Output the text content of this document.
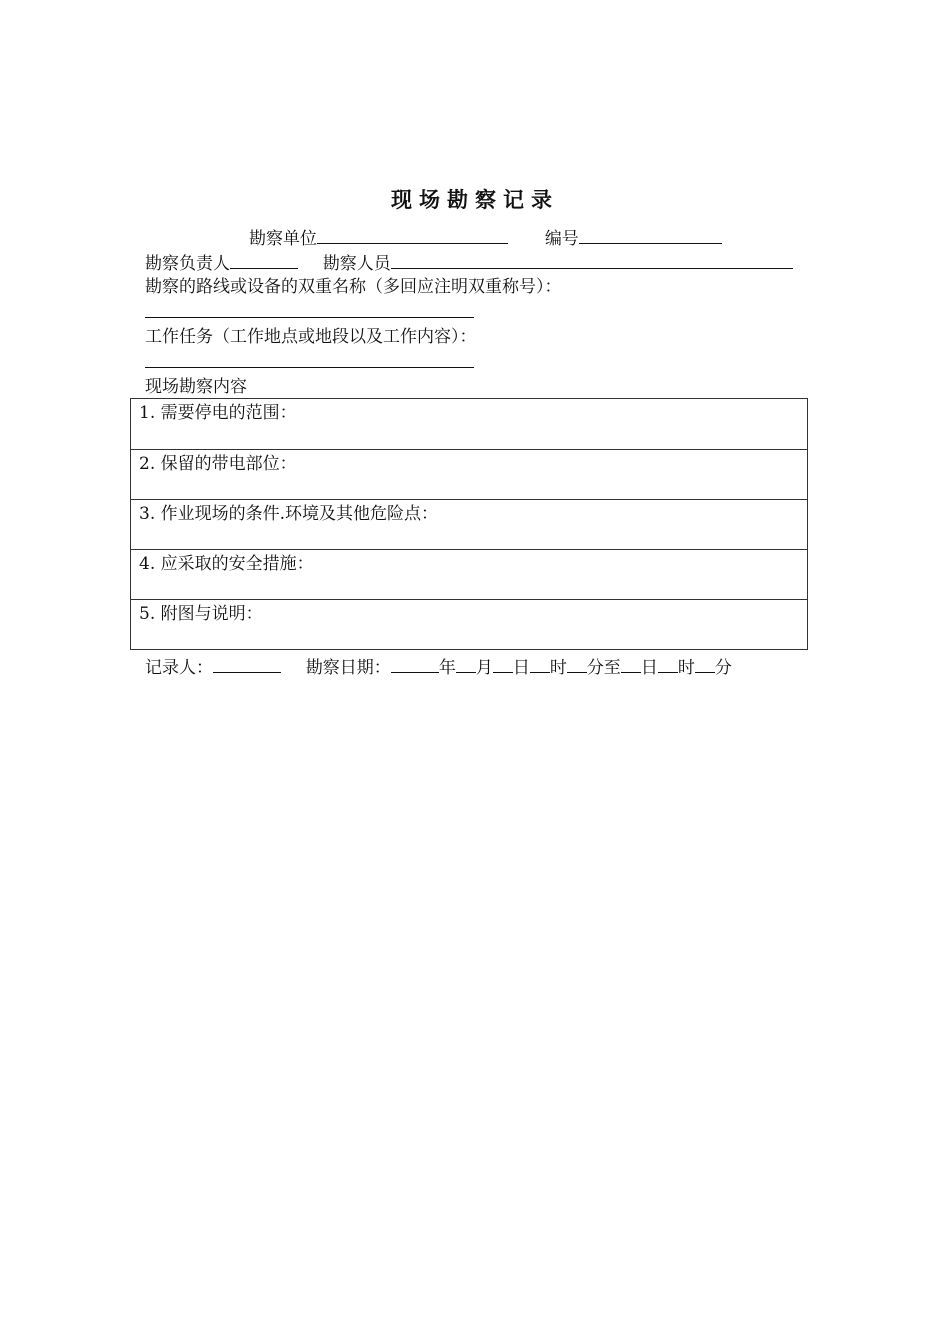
现场勘察记录
勘察单位	编号
勘察负责人	勘察人员
勘察的路线或设备的双重名称（多回应注明双重称号）：
工作任务（工作地点或地段以及工作内容）：
现场勘察内容
1. 需要停电的范围：
2. 保留的带电部位：
3. 作业现场的条件.环境及其他危险点：
4. 应采取的安全措施：
5. 附图与说明：
记录人：	勘察日期：	年 月 日 时 分至 日 时 分
